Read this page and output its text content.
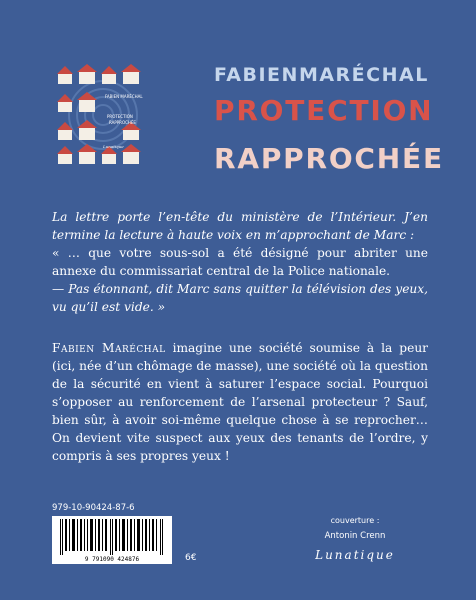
FABIEN MARÉCHAL
PROTECTION
RAPPROCHÉE
Lunatique
FABIEN MARÉCHAL
PROTECTION
RAPPROCHÉE

La lettre porte l’en-tête du ministère de l’Intérieur. J’en termine la lecture à haute voix en m’approchant de Marc :

« … que votre sous-sol a été désigné pour abriter une annexe du commissariat central de la Police nationale.

— Pas étonnant, dit Marc sans quitter la télévision des yeux, vu qu’il est vide. »

Fabien Maréchal imagine une société soumise à la peur (ici, née d’un chômage de masse), une société où la question de la sécurité en vient à saturer l’espace social. Pourquoi s’opposer au renforcement de l’arsenal protecteur ? Sauf, bien sûr, à avoir soi-même quelque chose à se reprocher… On devient vite suspect aux yeux des tenants de l’ordre, y compris à ses propres yeux !
979-10-90424-87-6
9 791090 424876	6€
couverture :
Antonin Crenn
Lunatique
